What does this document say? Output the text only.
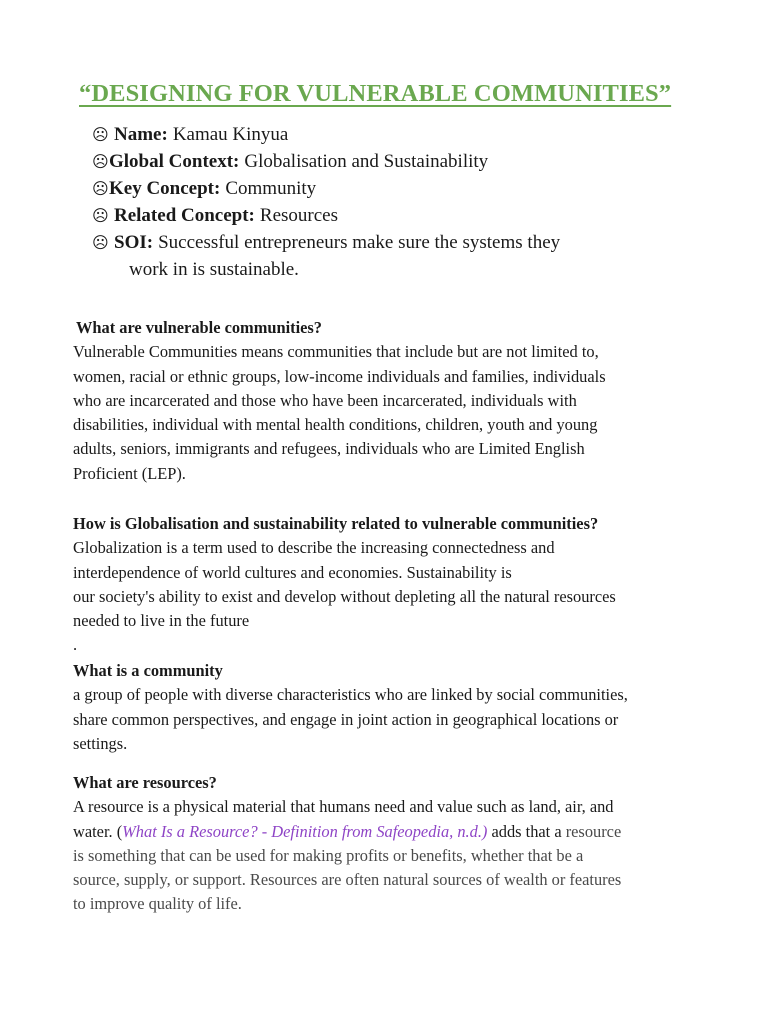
“DESIGNING FOR VULNERABLE COMMUNITIES”
☹ Name: Kamau Kinyua
☹ Global Context: Globalisation and Sustainability
☹ Key Concept: Community
☹ Related Concept: Resources
☹ SOI: Successful entrepreneurs make sure the systems they
work in is sustainable.
What are vulnerable communities?
Vulnerable Communities means communities that include but are not limited to,
women, racial or ethnic groups, low-income individuals and families, individuals
who are incarcerated and those who have been incarcerated, individuals with
disabilities, individual with mental health conditions, children, youth and young
adults, seniors, immigrants and refugees, individuals who are Limited English
Proficient (LEP).
How is Globalisation and sustainability related to vulnerable communities?
Globalization is a term used to describe the increasing connectedness and
interdependence of world cultures and economies. Sustainability is
our society's ability to exist and develop without depleting all the natural resources
needed to live in the future
.
What is a community
a group of people with diverse characteristics who are linked by social communities,
share common perspectives, and engage in joint action in geographical locations or
settings.
What are resources?
A resource is a physical material that humans need and value such as land, air, and
water. (What Is a Resource? - Definition from Safeopedia, n.d.) adds that a resource
is something that can be used for making profits or benefits, whether that be a
source, supply, or support. Resources are often natural sources of wealth or features
to improve quality of life.
